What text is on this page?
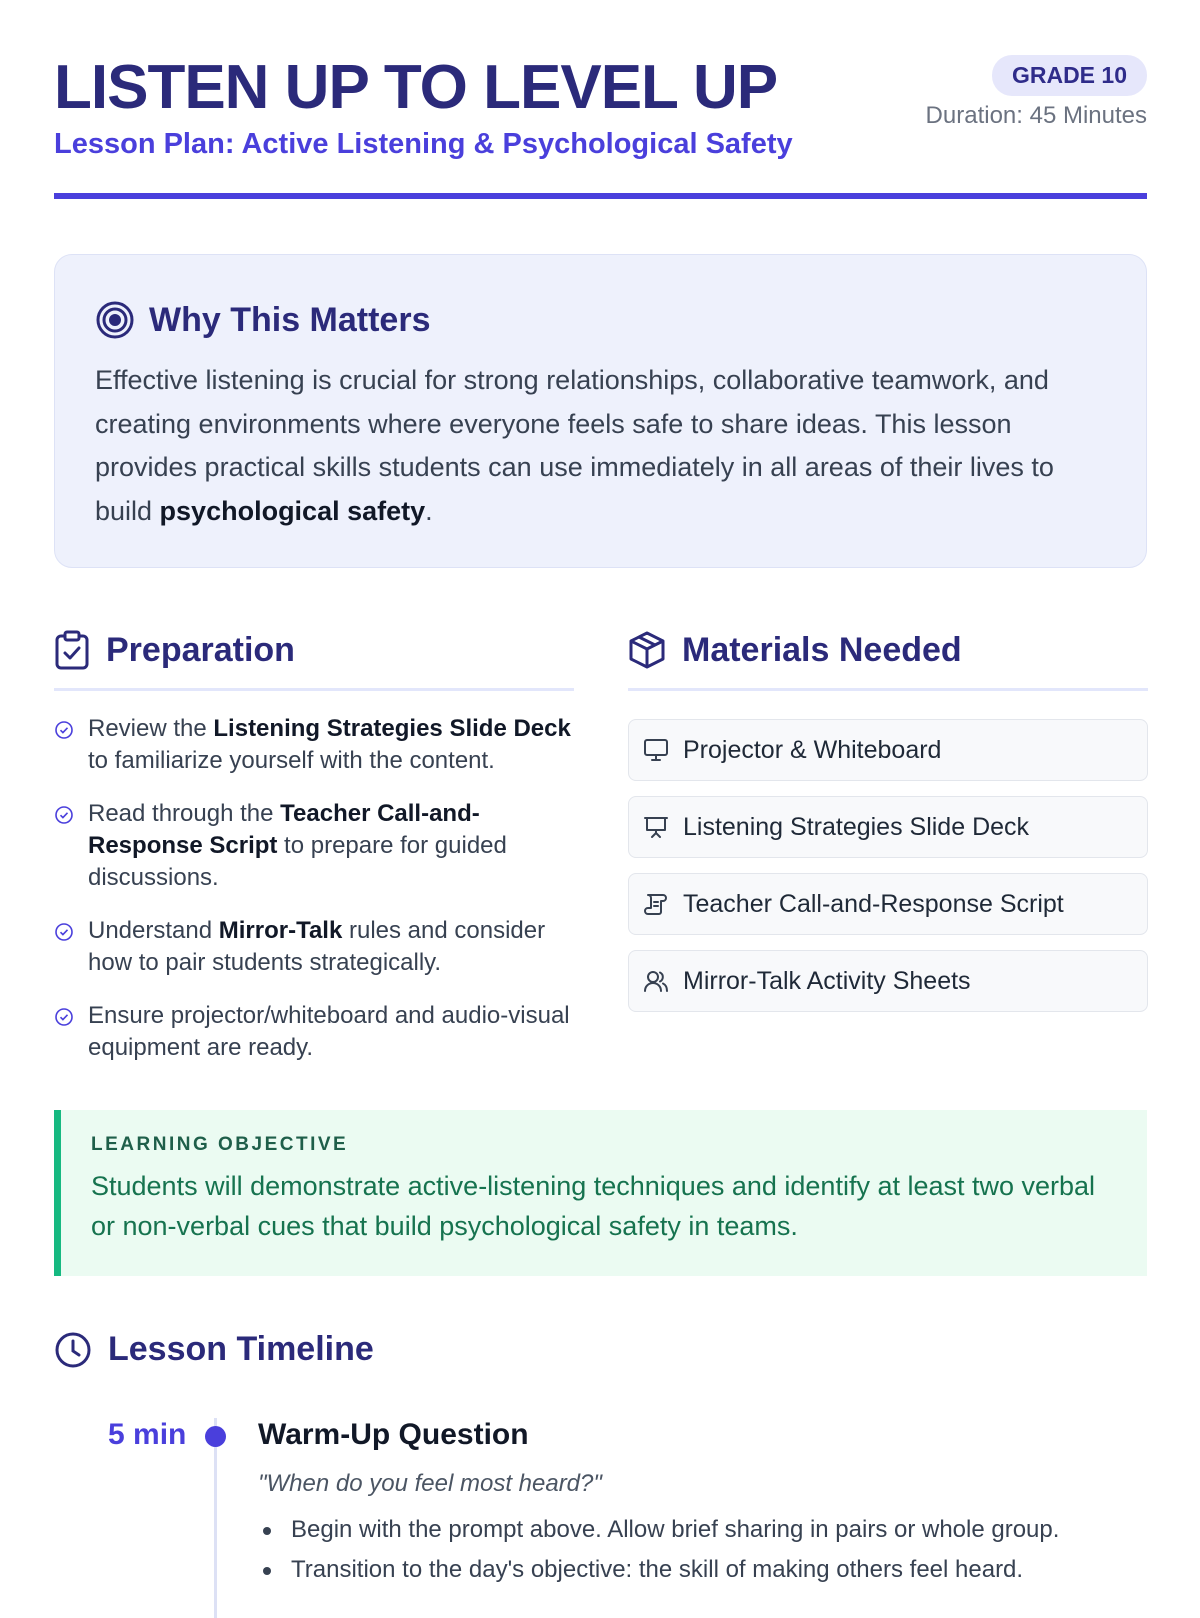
LISTEN UP TO LEVEL UP
Lesson Plan: Active Listening & Psychological Safety
GRADE 10
Duration: 45 Minutes
Why This Matters

Effective listening is crucial for strong relationships, collaborative teamwork, and creating environments where everyone feels safe to share ideas. This lesson provides practical skills students can use immediately in all areas of their lives to build psychological safety.

Preparation
Review the Listening Strategies Slide Deck to familiarize yourself with the content.
Read through the Teacher Call-and-Response Script to prepare for guided discussions.
Understand Mirror-Talk rules and consider how to pair students strategically.
Ensure projector/whiteboard and audio-visual equipment are ready.
Materials Needed
Projector & Whiteboard
Listening Strategies Slide Deck
Teacher Call-and-Response Script
Mirror-Talk Activity Sheets
LEARNING OBJECTIVE
Students will demonstrate active-listening techniques and identify at least two verbal or non-verbal cues that build psychological safety in teams.
Lesson Timeline
5 min Warm-Up Question
"When do you feel most heard?"
Begin with the prompt above. Allow brief sharing in pairs or whole group.
Transition to the day's objective: the skill of making others feel heard.
